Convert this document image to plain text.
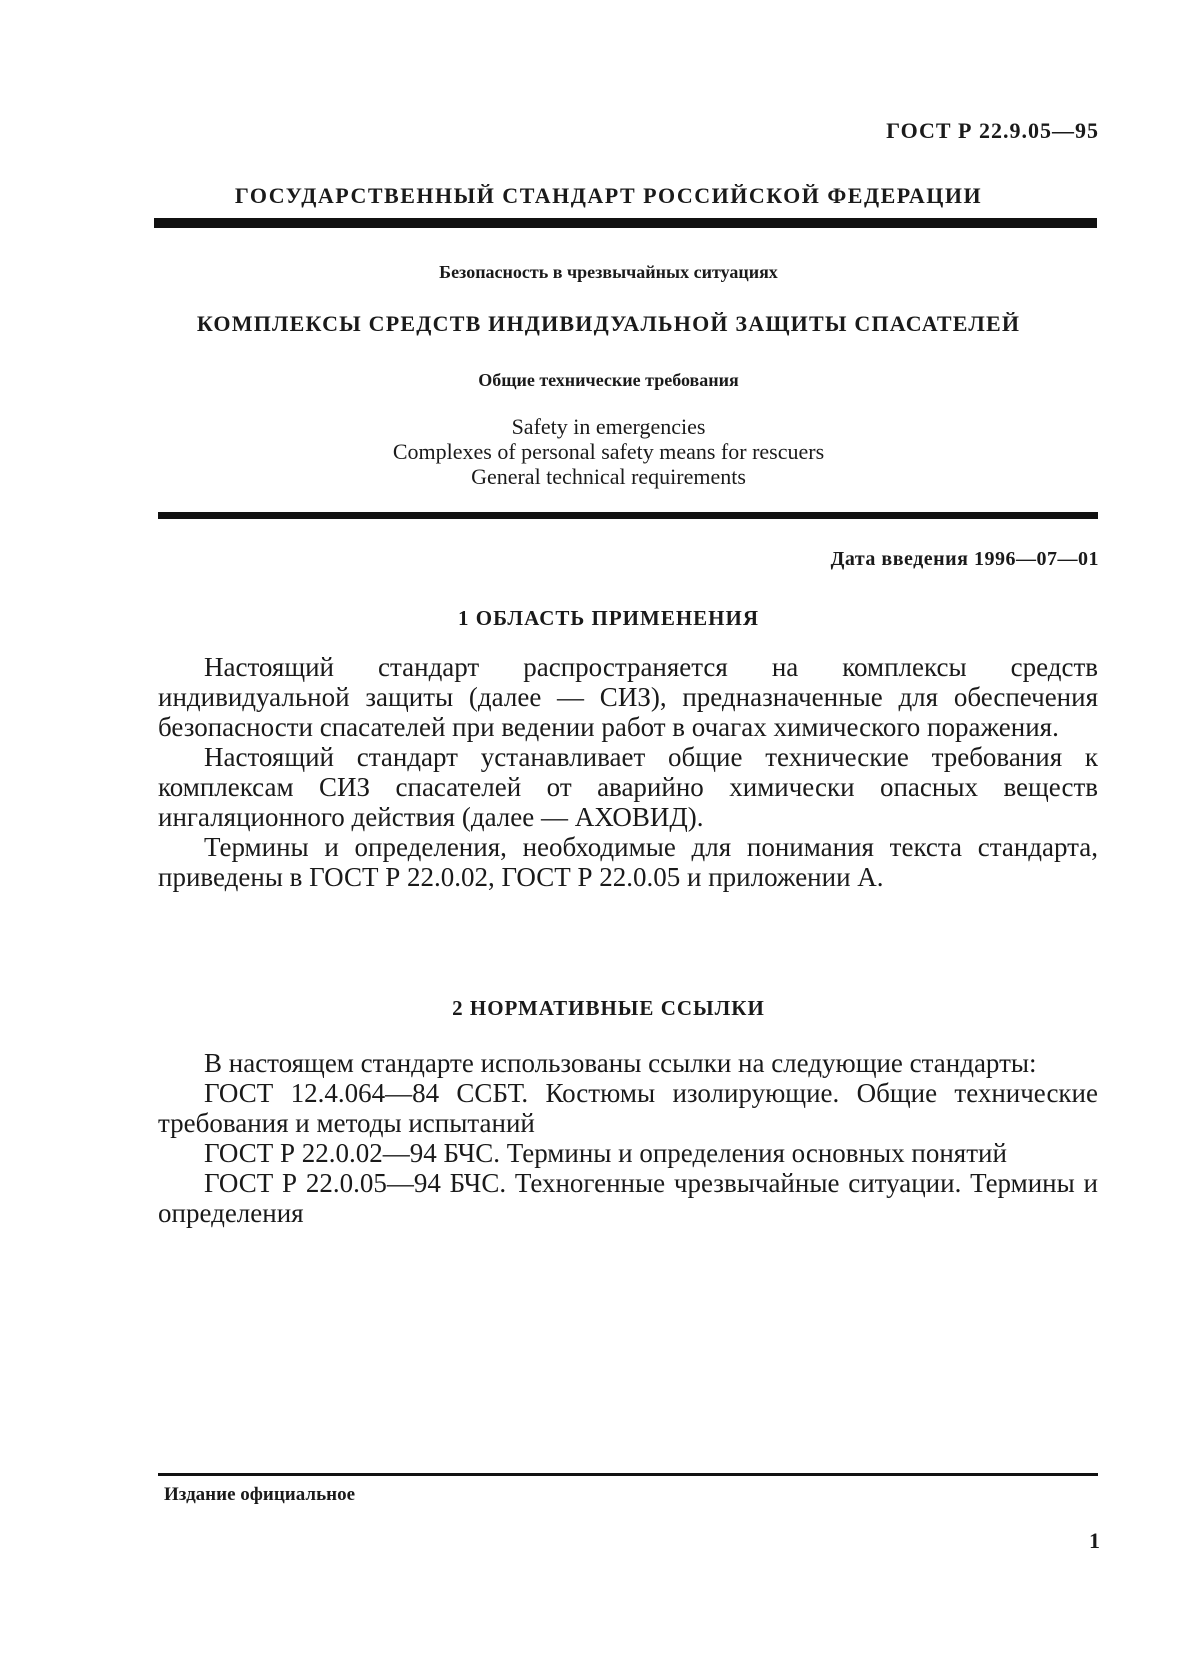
ГОСТ Р 22.9.05—95
ГОСУДАРСТВЕННЫЙ СТАНДАРТ РОССИЙСКОЙ ФЕДЕРАЦИИ
Безопасность в чрезвычайных ситуациях
КОМПЛЕКСЫ СРЕДСТВ ИНДИВИДУАЛЬНОЙ ЗАЩИТЫ СПАСАТЕЛЕЙ
Общие технические требования
Safety in emergencies
Complexes of personal safety means for rescuers
General technical requirements
Дата введения 1996—07—01
1 ОБЛАСТЬ ПРИМЕНЕНИЯ

Настоящий стандарт распространяется на комплексы средств индивидуальной защиты (далее — СИЗ), предназначенные для обеспечения безопасности спасателей при ведении работ в очагах химического поражения.

Настоящий стандарт устанавливает общие технические требования к комплексам СИЗ спасателей от аварийно химически опасных веществ ингаляционного действия (далее — АХОВИД).

Термины и определения, необходимые для понимания текста стандарта, приведены в ГОСТ Р 22.0.02, ГОСТ Р 22.0.05 и приложении А.

2 НОРМАТИВНЫЕ ССЫЛКИ

В настоящем стандарте использованы ссылки на следующие стандарты:

ГОСТ 12.4.064—84 ССБТ. Костюмы изолирующие. Общие технические требования и методы испытаний

ГОСТ Р 22.0.02—94 БЧС. Термины и определения основных понятий

ГОСТ Р 22.0.05—94 БЧС. Техногенные чрезвычайные ситуации. Термины и определения

Издание официальное
1
